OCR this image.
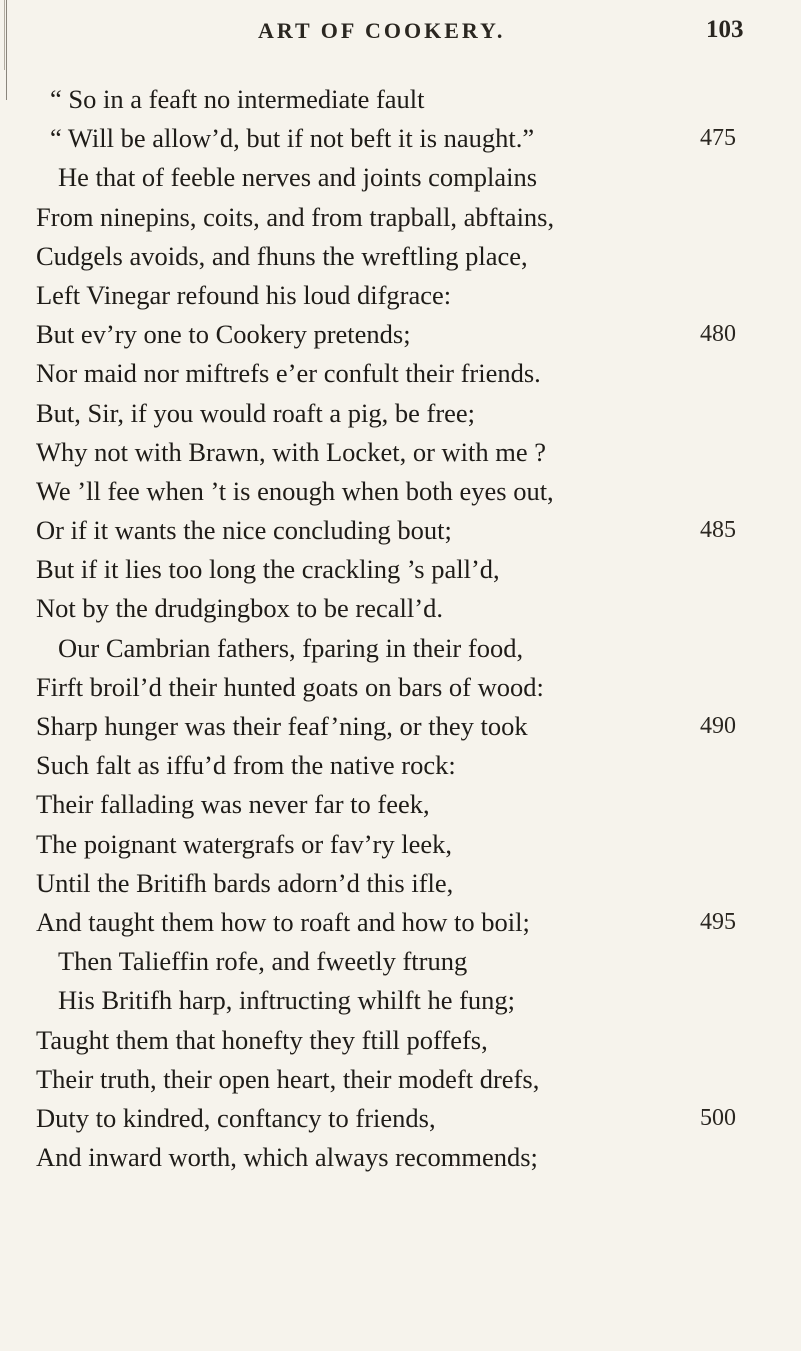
ART OF COOKERY.	103
“ So in a feaft no intermediate fault
“ Will be allow’d, but if not beft it is naught.”	475
He that of feeble nerves and joints complains
From ninepins, coits, and from trapball, abftains,
Cudgels avoids, and fhuns the wreftling place,
Left Vinegar refound his loud difgrace:
But ev’ry one to Cookery pretends;	480
Nor maid nor miftrefs e’er confult their friends.
But, Sir, if you would roaft a pig, be free;
Why not with Brawn, with Locket, or with me ?
We ’ll fee when ’t is enough when both eyes out,
Or if it wants the nice concluding bout;	485
But if it lies too long the crackling ’s pall’d,
Not by the drudgingbox to be recall’d.
Our Cambrian fathers, fparing in their food,
Firft broil’d their hunted goats on bars of wood:
Sharp hunger was their feaf’ning, or they took	490
Such falt as iffu’d from the native rock:
Their fallading was never far to feek,
The poignant watergrafs or fav’ry leek,
Until the Britifh bards adorn’d this ifle,
And taught them how to roaft and how to boil;	495
Then Talieffin rofe, and fweetly ftrung
His Britifh harp, inftructing whilft he fung;
Taught them that honefty they ftill poffefs,
Their truth, their open heart, their modeft drefs,
Duty to kindred, conftancy to friends,	500
And inward worth, which always recommends;
